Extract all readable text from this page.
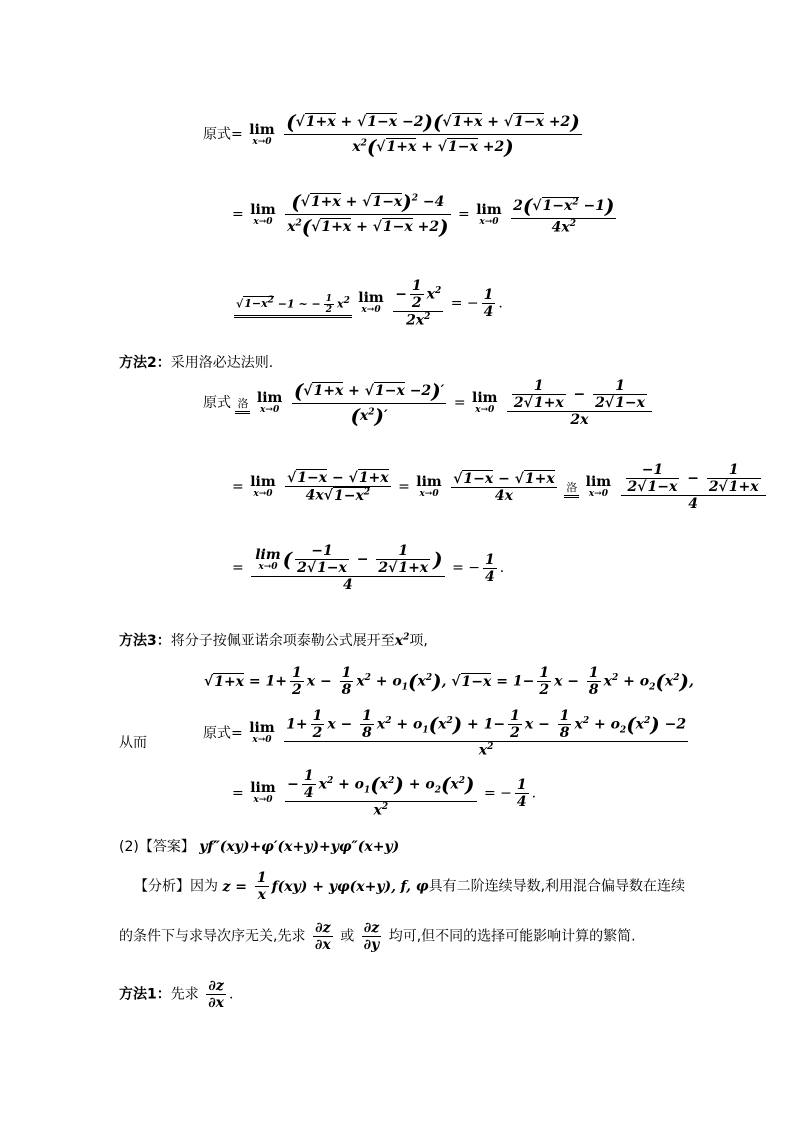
原式= lim
x→0
$\frac{(√1+x + √1-x -2)(√1+x + √1-x +2)}{x^2(√1+x + √1-x +2)}$
= lim
x→0
$\frac{(√1+x + √1-x)^2 -4}{x^2(√1+x + √1-x +2)} = \lim$
x→0
$\frac{2(√1-x^2 -1)}{4x^2}$
$√1-x^2 -1$ ~ − $\frac{1}{2} x^2$ lim
x→0
$\frac{- \frac{1}{2} x^2}{2x^2}$ = − $\frac{1}{4}$ .
方法2：采用洛必达法则.
原式 洛 lim
x→0
$\frac{(√1+x + √1-x -2)'}{(x^2)'} = \lim$
x→0
$\frac{\frac{1}{2√1+x} - \frac{1}{2√1-x}}{2x}$
= lim
x→0
$\frac{√1-x - √1+x}{4x√1-x^2} = \lim$
x→0
$\frac{√1-x - √1+x}{4x}$ 洛 lim
x→0
$\frac{\frac{-1}{2√1-x} - \frac{1}{2√1+x}}{4}$
= lim
x→0 ( $\frac{-1}{2√1-x} - \frac{1}{2√1+x}$ )
4 = − $\frac{1}{4}$ .
方法3：将分子按佩亚诺余项泰勒公式展开至$x^2$项,
$√1+x = 1+ \frac{1}{2}$ $x - \frac{1}{8} x^2 + o_1(x^2)$, $√1-x = 1- \frac{1}{2}$ $x - \frac{1}{8} x^2 + o_2(x^2)$,
从而
原式= lim
x→0
$\frac{1+ \frac{1}{2} x - \frac{1}{8} x^2 + o_1(x^2) + 1- \frac{1}{2} x - \frac{1}{8} x^2 + o_2(x^2) -2}{x^2}$
= lim
x→0
$\frac{- \frac{1}{4} x^2 + o_1(x^2) + o_2(x^2)}{x^2}$ = − $\frac{1}{4}$ .
(2)【答案】 yf″(xy)+φ′(x+y)+yφ″(x+y)
【分析】因为 $z = \frac{1}{x} f(xy) + y\varphi(x+y)$, f, φ具有二阶连续导数,利用混合偏导数在连续
的条件下与求导次序无关,先求 $\frac{\partial z}{\partial x}$ 或 $\frac{\partial z}{\partial y}$ 均可,但不同的选择可能影响计算的繁简.
方法1：先求 $\frac{\partial z}{\partial x}$ .
